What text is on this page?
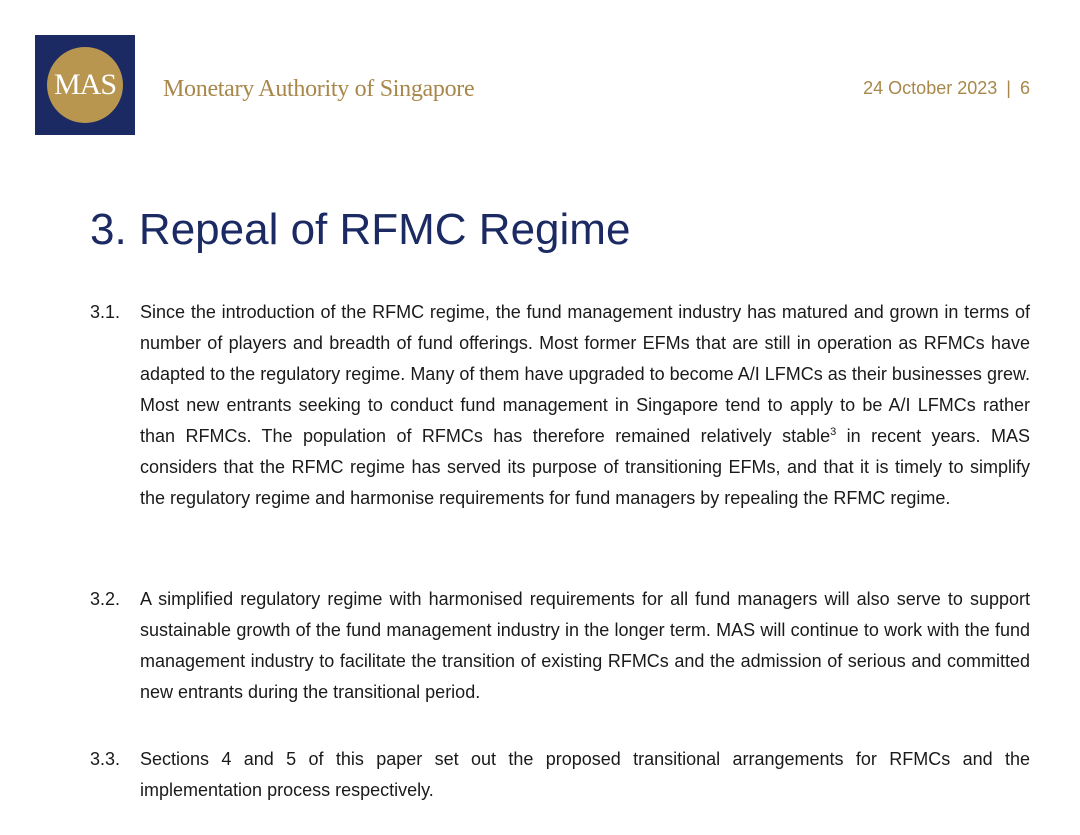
MAS Monetary Authority of Singapore	24 October 2023 | 6
3. Repeal of RFMC Regime
3.1.	Since the introduction of the RFMC regime, the fund management industry has matured and grown in terms of number of players and breadth of fund offerings. Most former EFMs that are still in operation as RFMCs have adapted to the regulatory regime. Many of them have upgraded to become A/I LFMCs as their businesses grew. Most new entrants seeking to conduct fund management in Singapore tend to apply to be A/I LFMCs rather than RFMCs. The population of RFMCs has therefore remained relatively stable$^3$ in recent years. MAS considers that the RFMC regime has served its purpose of transitioning EFMs, and that it is timely to simplify the regulatory regime and harmonise requirements for fund managers by repealing the RFMC regime.
3.2.	A simplified regulatory regime with harmonised requirements for all fund managers will also serve to support sustainable growth of the fund management industry in the longer term. MAS will continue to work with the fund management industry to facilitate the transition of existing RFMCs and the admission of serious and committed new entrants during the transitional period.
3.3.	Sections 4 and 5 of this paper set out the proposed transitional arrangements for RFMCs and the implementation process respectively.
